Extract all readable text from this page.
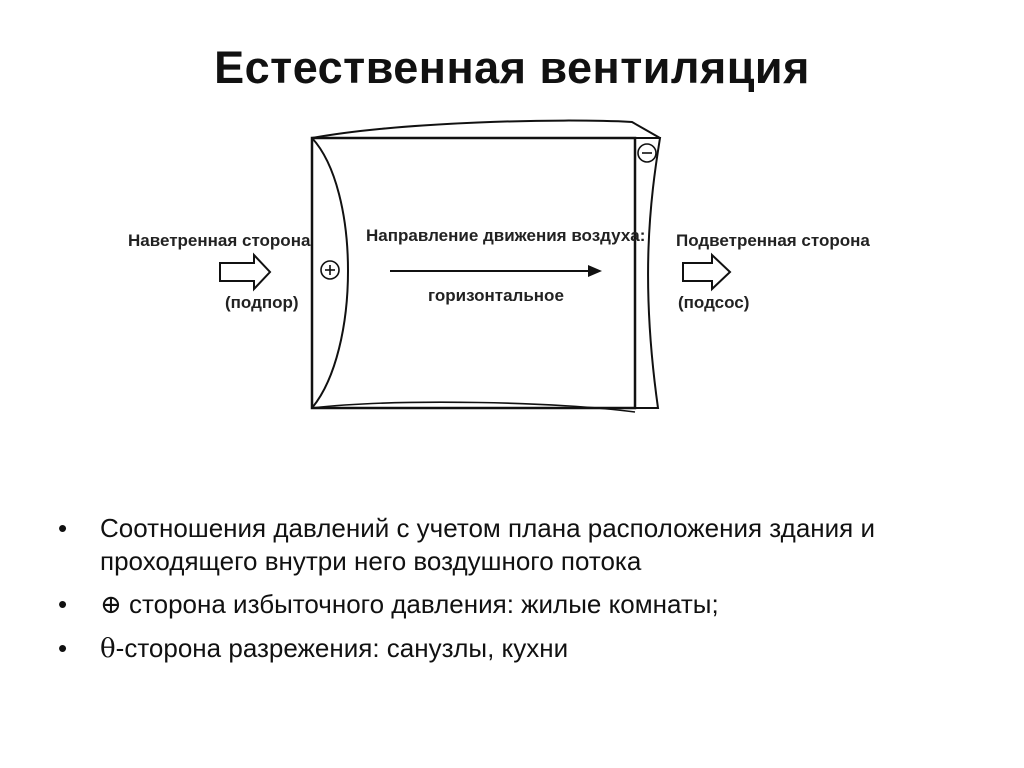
Естественная вентиляция
Наветренная сторона
(подпор)
Направление движения воздуха:
горизонтальное
Подветренная сторона
(подсос)
• Соотношения давлений с учетом плана расположения здания и проходящего внутри него воздушного потока
• ⊕ сторона избыточного давления: жилые комнаты;
• θ-сторона разрежения: санузлы, кухни
